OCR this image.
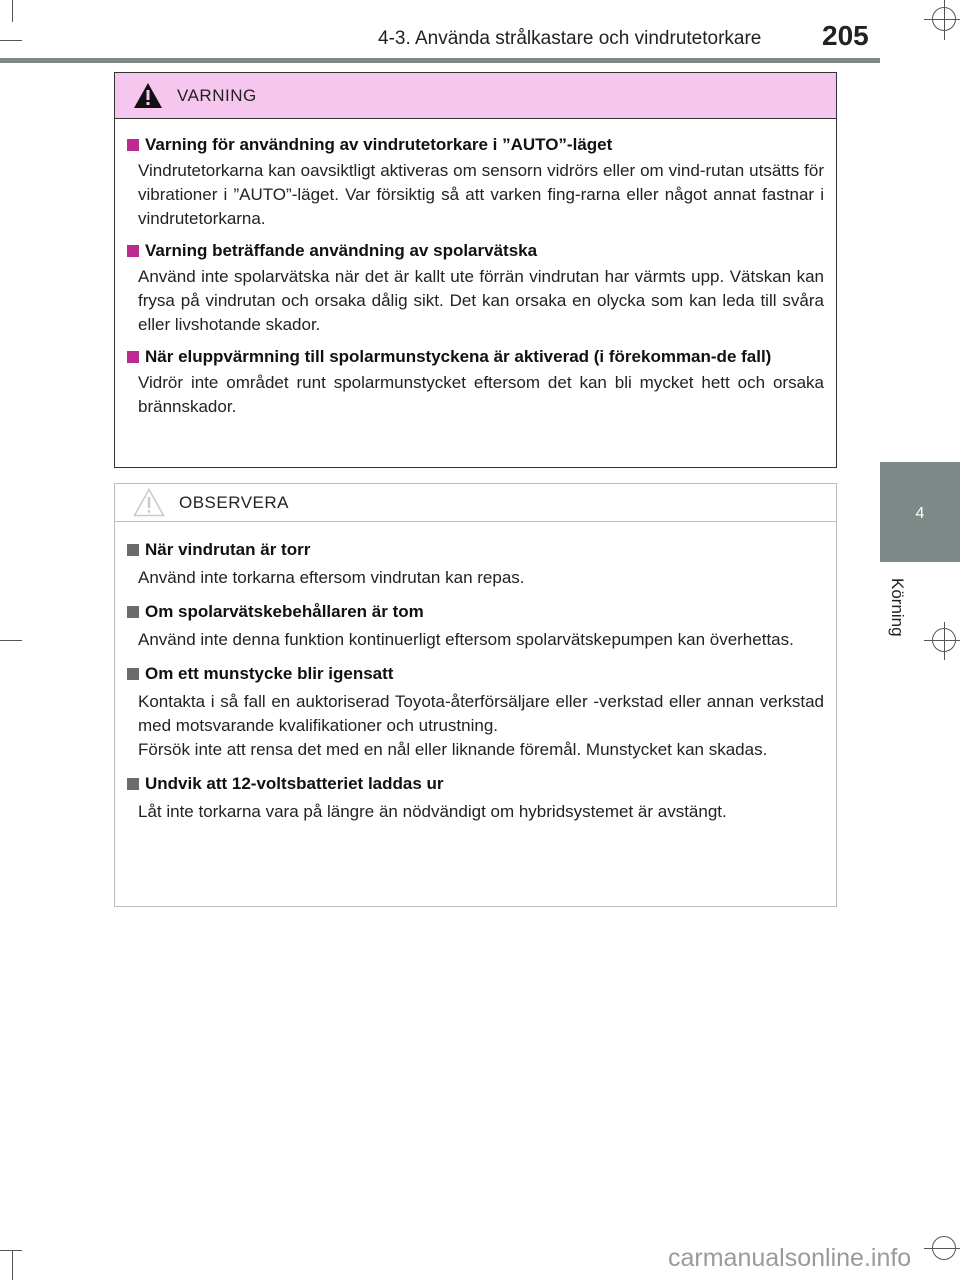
4-3. Använda strålkastare och vindrutetorkare 205
4
Körning
VARNING
Varning för användning av vindrutetorkare i ”AUTO”-läget
Vindrutetorkarna kan oavsiktligt aktiveras om sensorn vidrörs eller om vind-rutan utsätts för vibrationer i ”AUTO”-läget. Var försiktig så att varken fing-rarna eller något annat fastnar i vindrutetorkarna.
Varning beträffande användning av spolarvätska
Använd inte spolarvätska när det är kallt ute förrän vindrutan har värmts upp. Vätskan kan frysa på vindrutan och orsaka dålig sikt. Det kan orsaka en olycka som kan leda till svåra eller livshotande skador.
När eluppvärmning till spolarmunstyckena är aktiverad (i förekomman-de fall)
Vidrör inte området runt spolarmunstycket eftersom det kan bli mycket hett och orsaka brännskador.
OBSERVERA
När vindrutan är torr
Använd inte torkarna eftersom vindrutan kan repas.
Om spolarvätskebehållaren är tom
Använd inte denna funktion kontinuerligt eftersom spolarvätskepumpen kan överhettas.
Om ett munstycke blir igensatt
Kontakta i så fall en auktoriserad Toyota-återförsäljare eller -verkstad eller annan verkstad med motsvarande kvalifikationer och utrustning.
Försök inte att rensa det med en nål eller liknande föremål. Munstycket kan skadas.
Undvik att 12-voltsbatteriet laddas ur
Låt inte torkarna vara på längre än nödvändigt om hybridsystemet är avstängt.
carmanualsonline.info
